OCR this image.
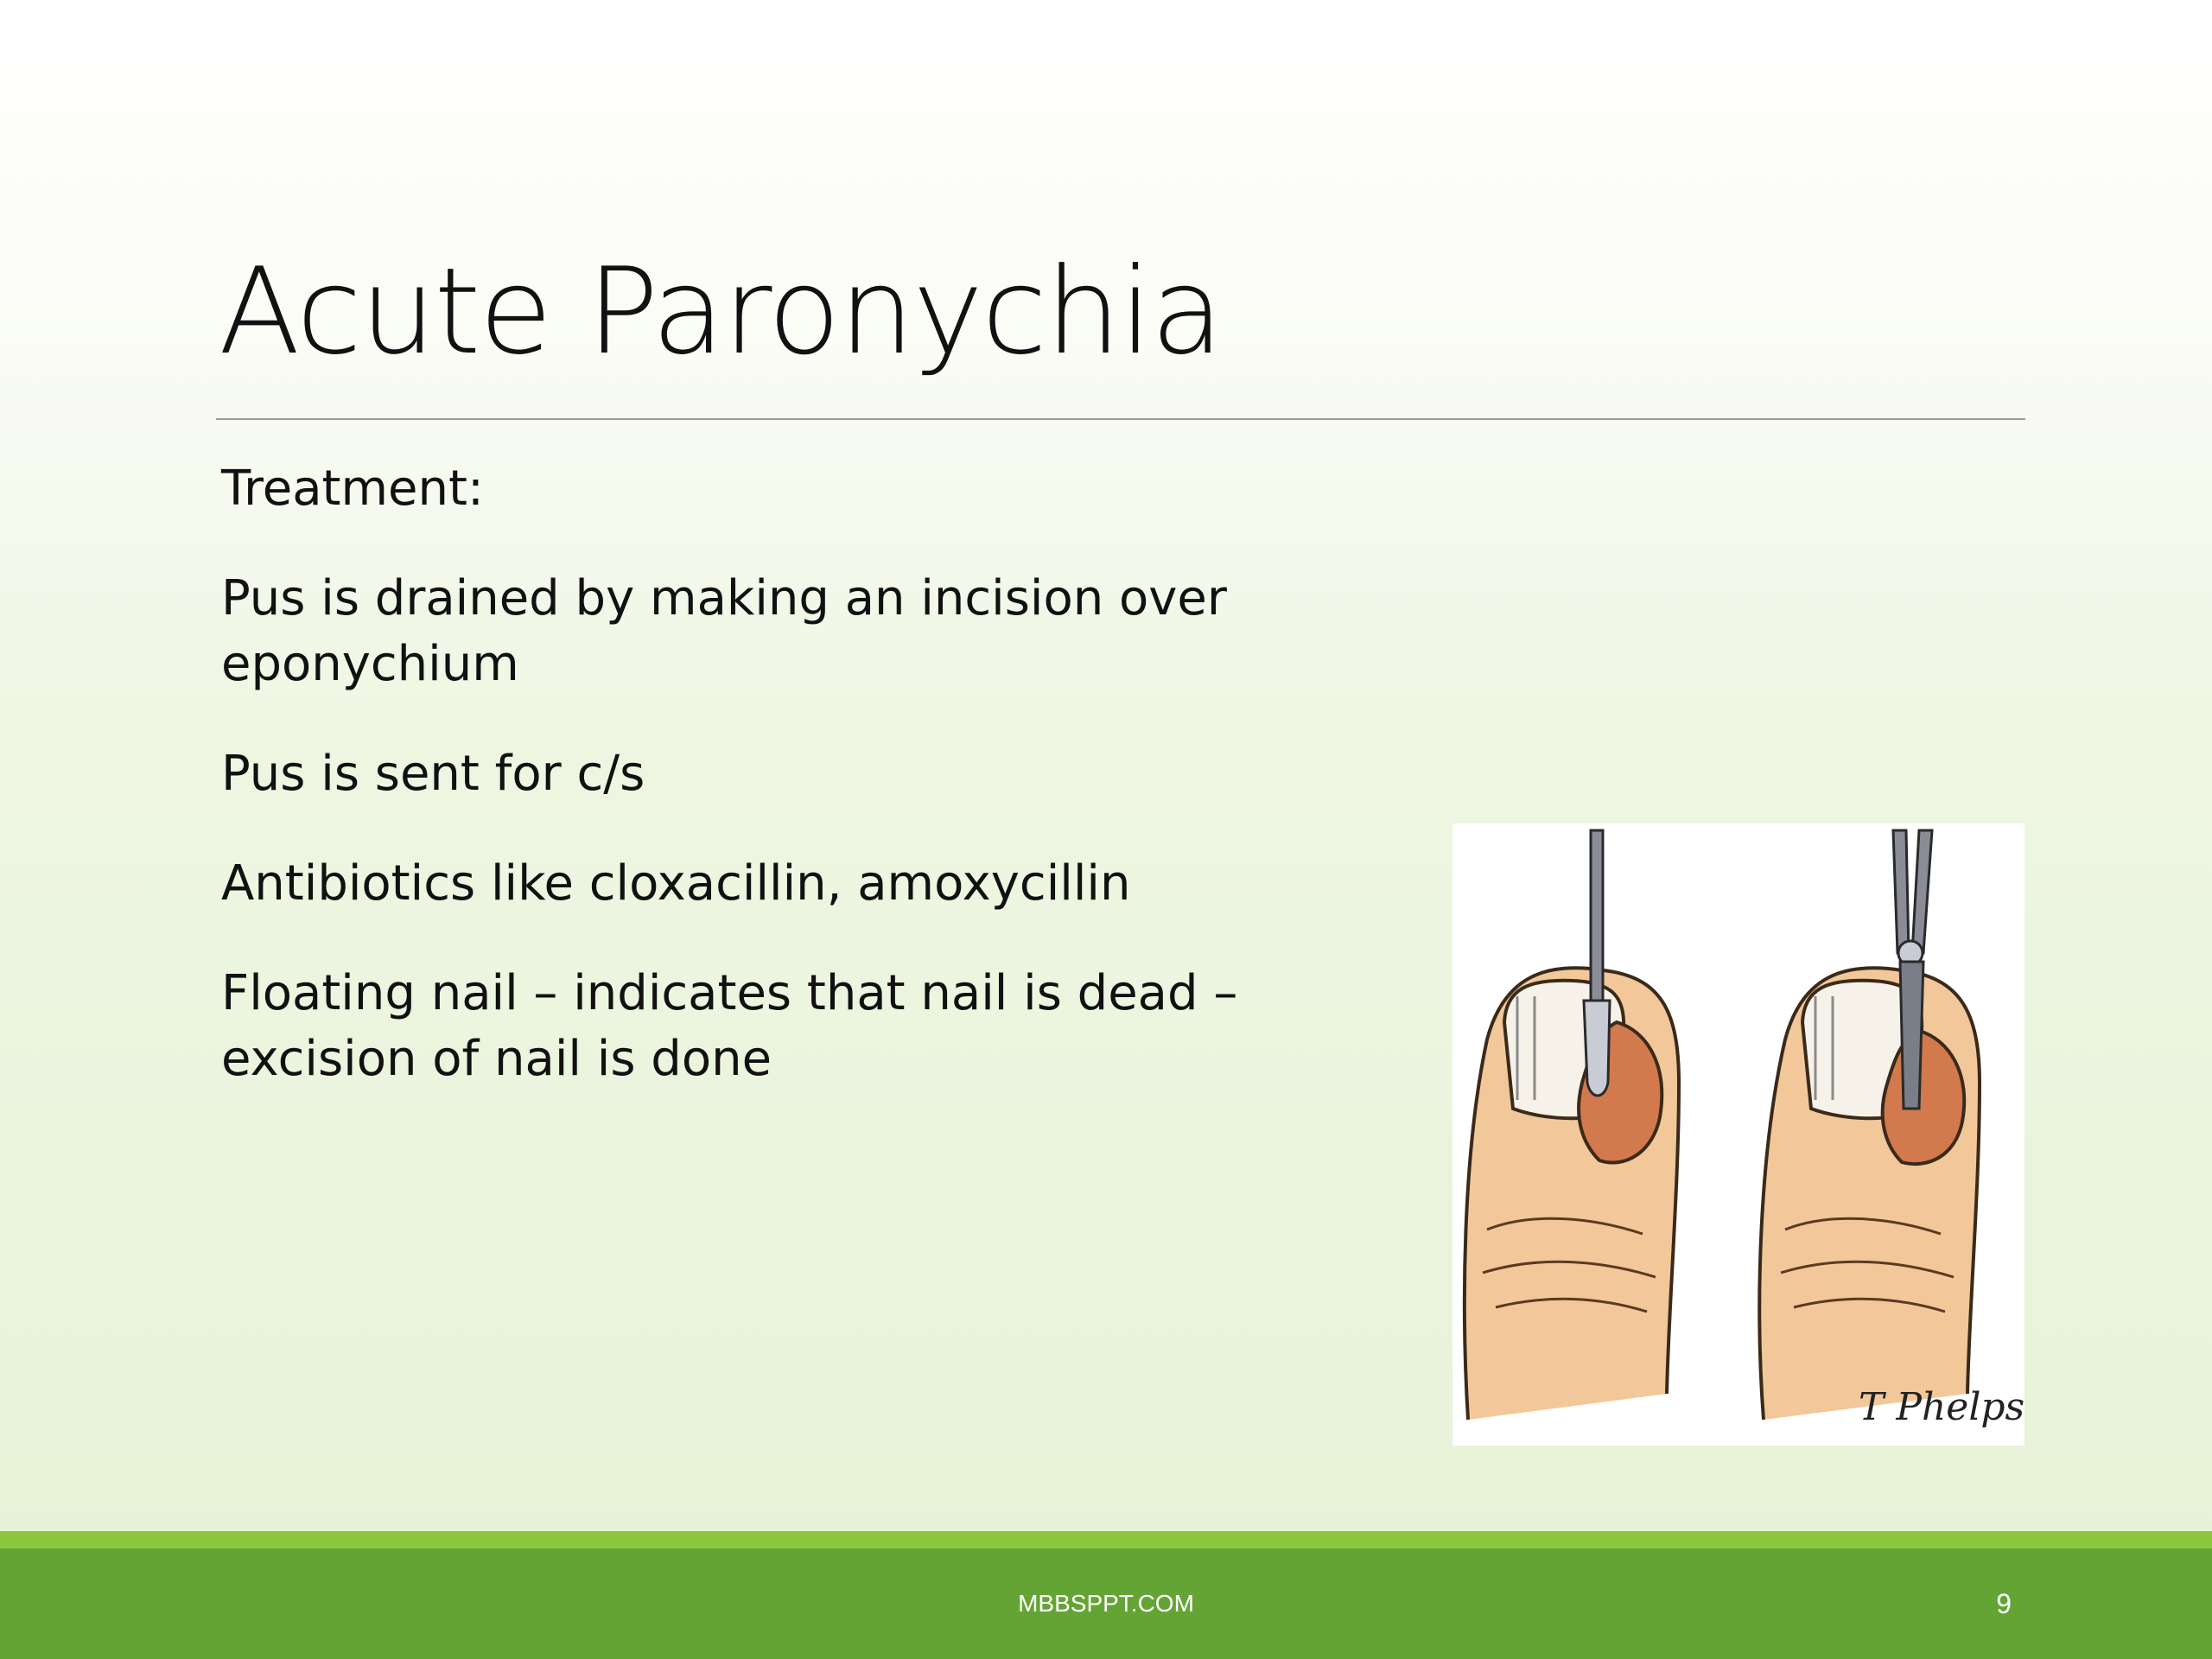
Acute Paronychia

Treatment:

Pus is drained by making an incision over eponychium

Pus is sent for c/s

Antibiotics like cloxacillin, amoxycillin

Floating nail – indicates that nail is dead – excision of nail is done

T Phelps
MBBSPPT.COM	9
